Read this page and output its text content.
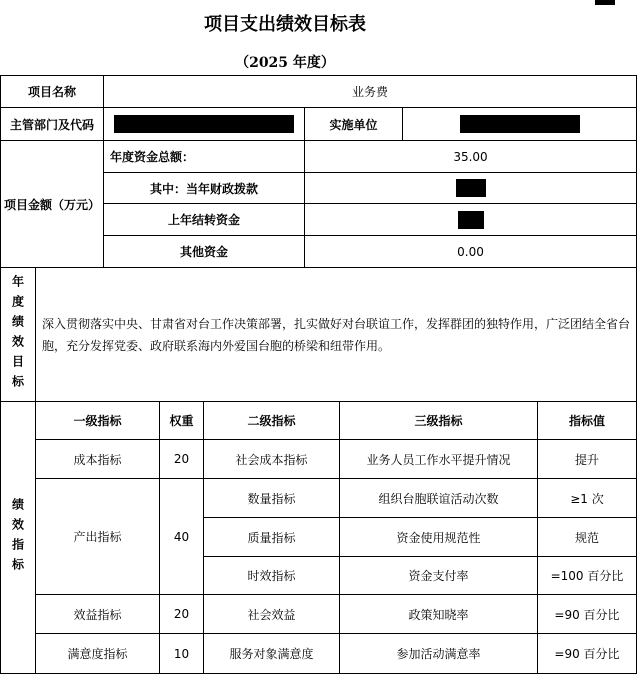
项目支出绩效目标表
（2025 年度）
项目名称	业务费
主管部门及代码	实施单位
项目金额（万元）
年度资金总额：	35.00
其中：当年财政拨款
上年结转资金
其他资金	0.00
年度绩效目标	深入贯彻落实中央、甘肃省对台工作决策部署，扎实做好对台联谊工作，发挥群团的独特作用，广泛团结全省台胞，充分发挥党委、政府联系海内外爱国台胞的桥梁和纽带作用。
绩效指标
一级指标	权重	二级指标	三级指标	指标值
成本指标	20	社会成本指标	业务人员工作水平提升情况	提升
产出指标	40
数量指标	组织台胞联谊活动次数	≥1 次
质量指标	资金使用规范性	规范
时效指标	资金支付率	=100 百分比
效益指标	20	社会效益	政策知晓率	=90 百分比
满意度指标	10	服务对象满意度	参加活动满意率	=90 百分比
